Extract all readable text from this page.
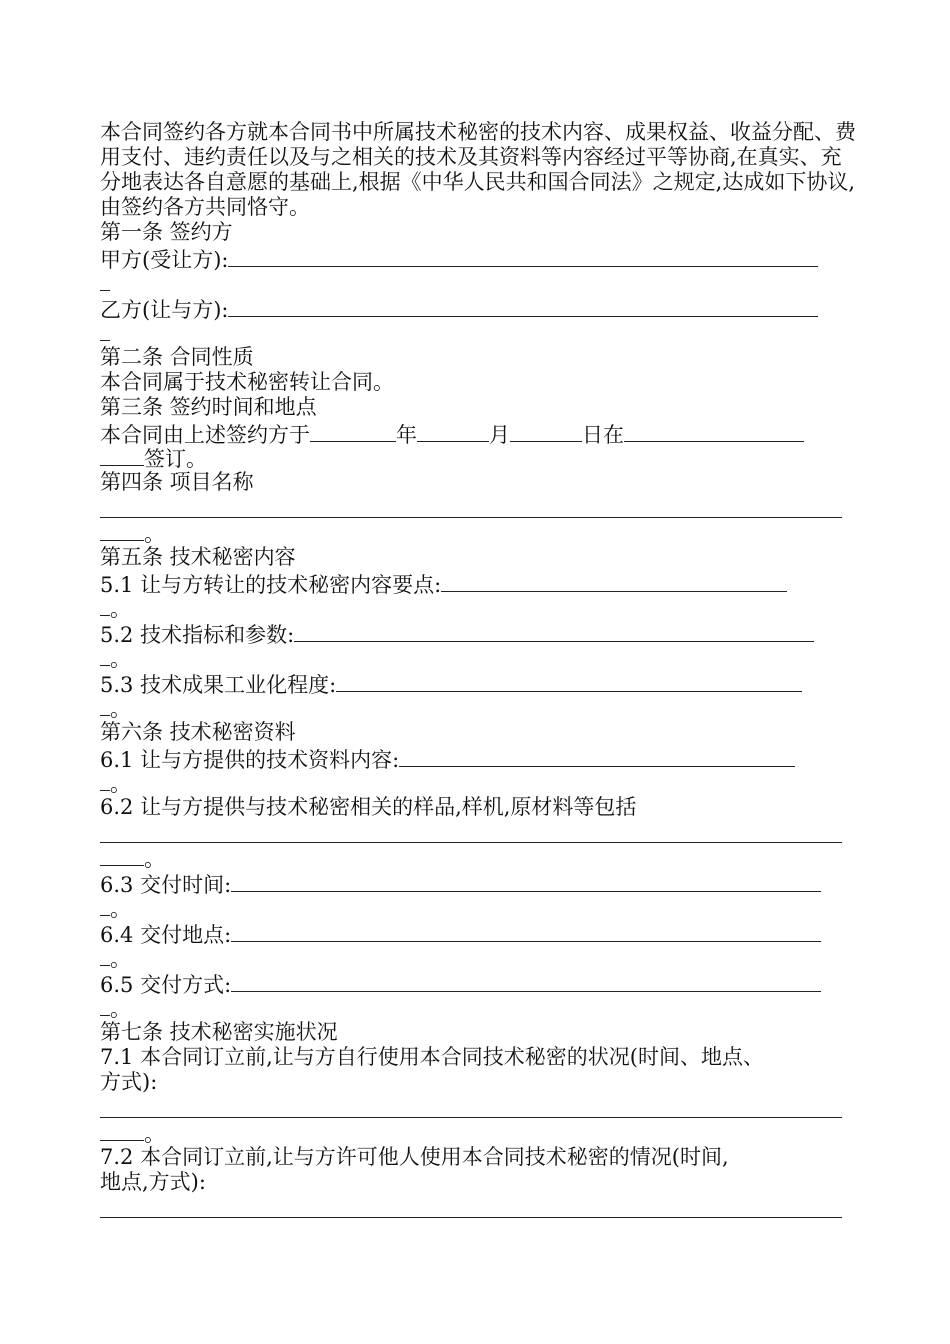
本合同签约各方就本合同书中所属技术秘密的技术内容、成果权益、收益分配、费用支付、违约责任以及与之相关的技术及其资料等内容经过平等协商,在真实、充分地表达各自意愿的基础上,根据《中华人民共和国合同法》之规定,达成如下协议,由签约各方共同恪守。
第一条 签约方
甲方(受让方):
乙方(让与方):
第二条 合同性质
本合同属于技术秘密转让合同。
第三条 签约时间和地点
本合同由上述签约方于	年	月	日在
签订。
第四条 项目名称
。
第五条 技术秘密内容
5.1 让与方转让的技术秘密内容要点:
。
5.2 技术指标和参数:
。
5.3 技术成果工业化程度:
。
第六条 技术秘密资料
6.1 让与方提供的技术资料内容:
。
6.2 让与方提供与技术秘密相关的样品,样机,原材料等包括
。
6.3 交付时间:
。
6.4 交付地点:
。
6.5 交付方式:
。
第七条 技术秘密实施状况
7.1 本合同订立前,让与方自行使用本合同技术秘密的状况(时间、地点、
方式):
。
7.2 本合同订立前,让与方许可他人使用本合同技术秘密的情况(时间,
地点,方式):
